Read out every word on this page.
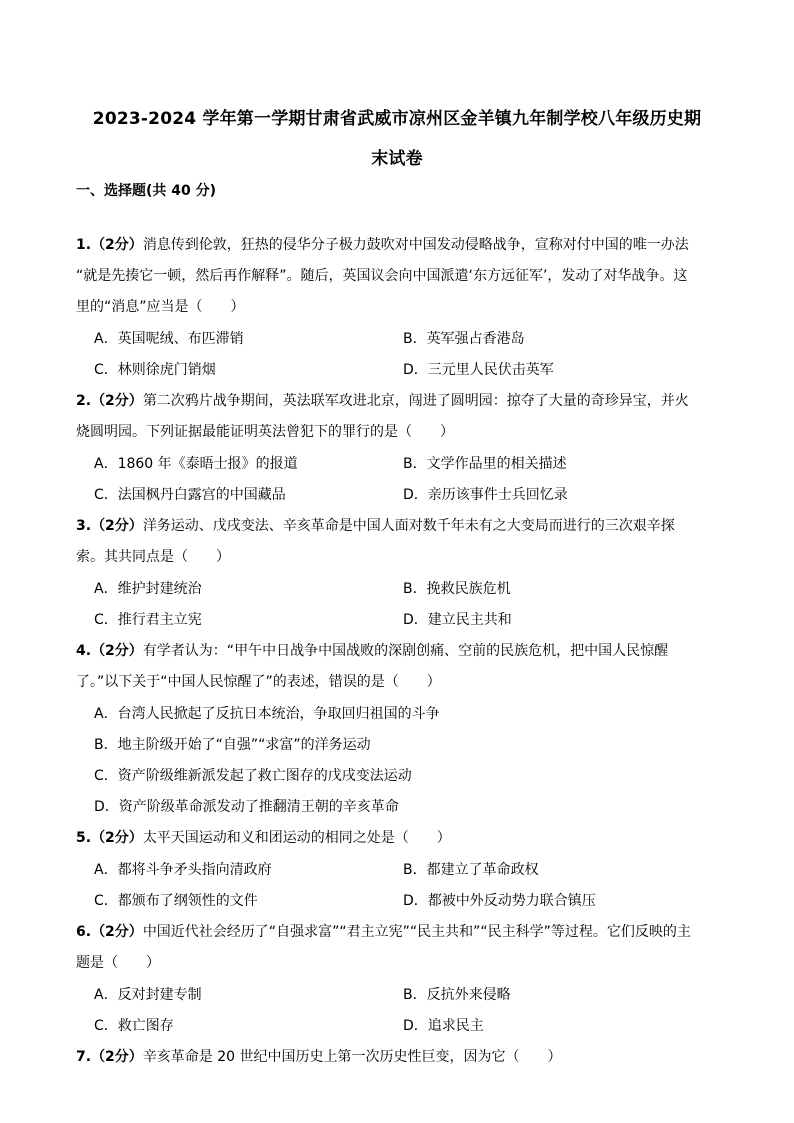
2023-2024 学年第一学期甘肃省武威市凉州区金羊镇九年制学校八年级历史期
末试卷
一、选择题(共 40 分)
1.（2分）消息传到伦敦，狂热的侵华分子极力鼓吹对中国发动侵略战争，宣称对付中国的唯一办法
“就是先揍它一顿，然后再作解释”。随后，英国议会向中国派遣‘东方远征军’，发动了对华战争。这
里的“消息”应当是（　　）
A．英国呢绒、布匹滞销	B．英军强占香港岛
C．林则徐虎门销烟	D．三元里人民伏击英军
2.（2分）第二次鸦片战争期间，英法联军攻进北京，闯进了圆明园：掠夺了大量的奇珍异宝，并火
烧圆明园。下列证据最能证明英法曾犯下的罪行的是（　　）
A．1860 年《泰晤士报》的报道	B．文学作品里的相关描述
C．法国枫丹白露宫的中国藏品	D．亲历该事件士兵回忆录
3.（2分）洋务运动、戊戌变法、辛亥革命是中国人面对数千年未有之大变局而进行的三次艰辛探
索。其共同点是（　　）
A．维护封建统治	B．挽救民族危机
C．推行君主立宪	D．建立民主共和
4.（2分）有学者认为：“甲午中日战争中国战败的深剧创痛、空前的民族危机，把中国人民惊醒
了。”以下关于“中国人民惊醒了”的表述，错误的是（　　）
A．台湾人民掀起了反抗日本统治，争取回归祖国的斗争
B．地主阶级开始了“自强”“求富”的洋务运动
C．资产阶级维新派发起了救亡图存的戊戌变法运动
D．资产阶级革命派发动了推翻清王朝的辛亥革命
5.（2分）太平天国运动和义和团运动的相同之处是（　　）
A．都将斗争矛头指向清政府	B．都建立了革命政权
C．都颁布了纲领性的文件	D．都被中外反动势力联合镇压
6.（2分）中国近代社会经历了“自强求富”“君主立宪”“民主共和”“民主科学”等过程。它们反映的主
题是（　　）
A．反对封建专制	B．反抗外来侵略
C．救亡图存	D．追求民主
7.（2分）辛亥革命是 20 世纪中国历史上第一次历史性巨变，因为它（　　）
